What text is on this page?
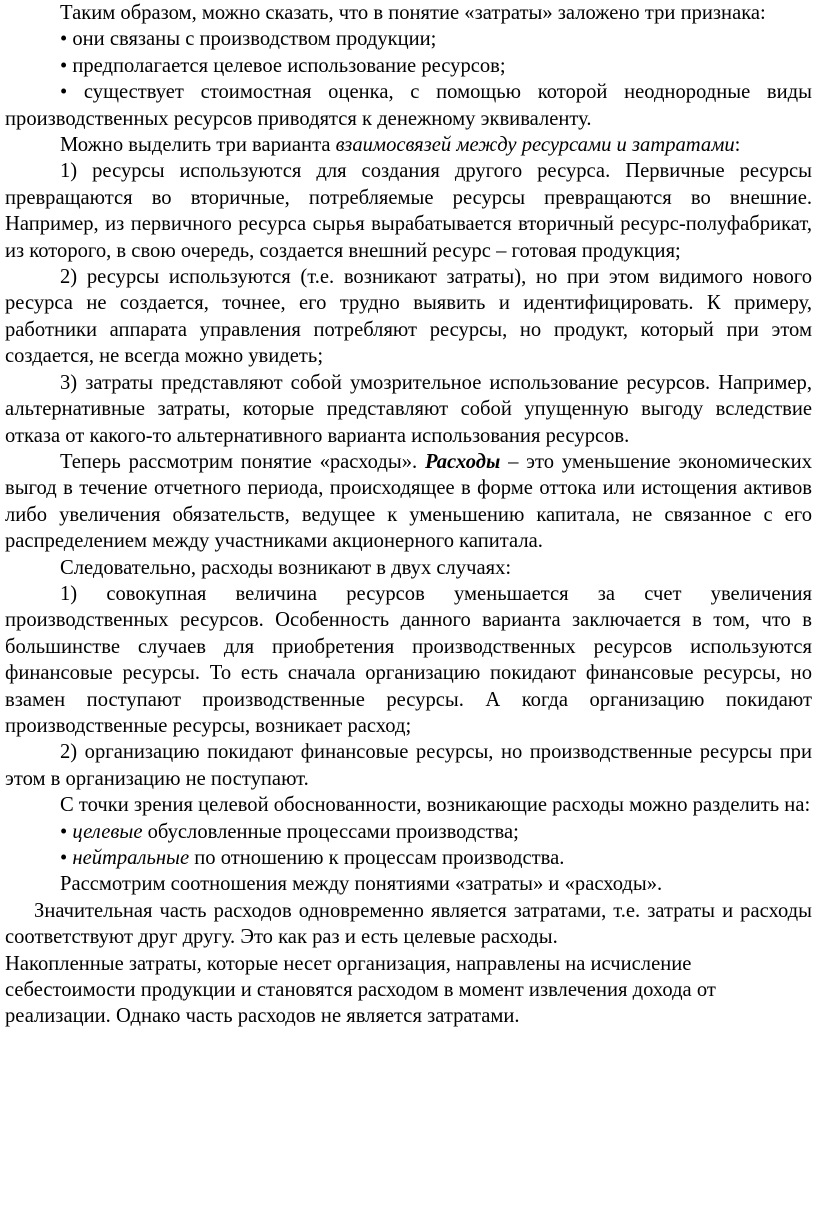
Таким образом, можно сказать, что в понятие «затраты» заложено три признака:

• они связаны с производством продукции;

• предполагается целевое использование ресурсов;

• существует стоимостная оценка, с помощью которой неоднородные виды производственных ресурсов приводятся к денежному эквиваленту.

Можно выделить три варианта взаимосвязей между ресурсами и затратами:

1) ресурсы используются для создания другого ресурса. Первичные ресурсы превращаются во вторичные, потребляемые ресурсы превращаются во внешние. Например, из первичного ресурса сырья вырабатывается вторичный ресурс-полуфабрикат, из которого, в свою очередь, создается внешний ресурс – готовая продукция;

2) ресурсы используются (т.е. возникают затраты), но при этом видимого нового ресурса не создается, точнее, его трудно выявить и идентифицировать. К примеру, работники аппарата управления потребляют ресурсы, но продукт, который при этом создается, не всегда можно увидеть;

3) затраты представляют собой умозрительное использование ресурсов. Например, альтернативные затраты, которые представляют собой упущенную выгоду вследствие отказа от какого-то альтернативного варианта использования ресурсов.

Теперь рассмотрим понятие «расходы». Расходы – это уменьшение экономических выгод в течение отчетного периода, происходящее в форме оттока или истощения активов либо увеличения обязательств, ведущее к уменьшению капитала, не связанное с его распределением между участниками акционерного капитала.

Следовательно, расходы возникают в двух случаях:

1) совокупная величина ресурсов уменьшается за счет увеличения производственных ресурсов. Особенность данного варианта заключается в том, что в большинстве случаев для приобретения производственных ресурсов используются финансовые ресурсы. То есть сначала организацию покидают финансовые ресурсы, но взамен поступают производственные ресурсы. А когда организацию покидают производственные ресурсы, возникает расход;

2) организацию покидают финансовые ресурсы, но производственные ресурсы при этом в организацию не поступают.

С точки зрения целевой обоснованности, возникающие расходы можно разделить на:

• целевые обусловленные процессами производства;

• нейтральные по отношению к процессам производства.

Рассмотрим соотношения между понятиями «затраты» и «расходы».

Значительная часть расходов одновременно является затратами, т.е. затраты и расходы соответствуют друг другу. Это как раз и есть целевые расходы.

Накопленные затраты, которые несет организация, направлены на исчисление себестоимости продукции и становятся расходом в момент извлечения дохода от реализации. Однако часть расходов не является затратами.
